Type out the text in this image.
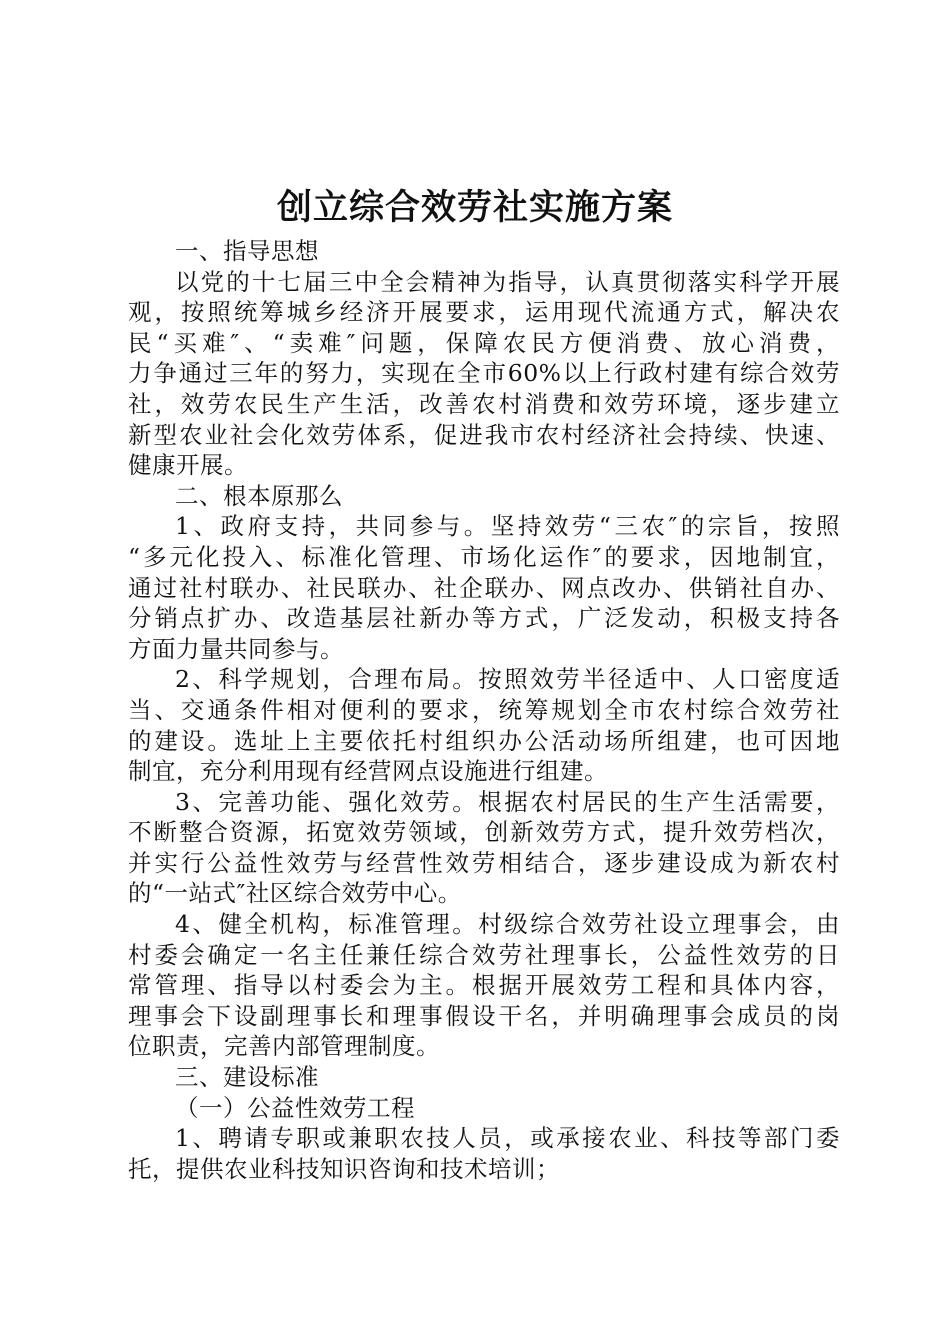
创立综合效劳社实施方案
一、指导思想
以党的十七届三中全会精神为指导，认真贯彻落实科学开展
观，按照统筹城乡经济开展要求，运用现代流通方式，解决农
民“买难″、“卖难″问题，保障农民方便消费、放心消费，
力争通过三年的努力，实现在全市60%以上行政村建有综合效劳
社，效劳农民生产生活，改善农村消费和效劳环境，逐步建立
新型农业社会化效劳体系，促进我市农村经济社会持续、快速、
健康开展。
二、根本原那么
1、政府支持，共同参与。坚持效劳“三农″的宗旨，按照
“多元化投入、标准化管理、市场化运作″的要求，因地制宜，
通过社村联办、社民联办、社企联办、网点改办、供销社自办、
分销点扩办、改造基层社新办等方式，广泛发动，积极支持各
方面力量共同参与。
2、科学规划，合理布局。按照效劳半径适中、人口密度适
当、交通条件相对便利的要求，统筹规划全市农村综合效劳社
的建设。选址上主要依托村组织办公活动场所组建，也可因地
制宜，充分利用现有经营网点设施进行组建。
3、完善功能、强化效劳。根据农村居民的生产生活需要，
不断整合资源，拓宽效劳领域，创新效劳方式，提升效劳档次，
并实行公益性效劳与经营性效劳相结合，逐步建设成为新农村
的“一站式″社区综合效劳中心。
4、健全机构，标准管理。村级综合效劳社设立理事会，由
村委会确定一名主任兼任综合效劳社理事长，公益性效劳的日
常管理、指导以村委会为主。根据开展效劳工程和具体内容，
理事会下设副理事长和理事假设干名，并明确理事会成员的岗
位职责，完善内部管理制度。
三、建设标准
（一）公益性效劳工程
1、聘请专职或兼职农技人员，或承接农业、科技等部门委
托，提供农业科技知识咨询和技术培训；
